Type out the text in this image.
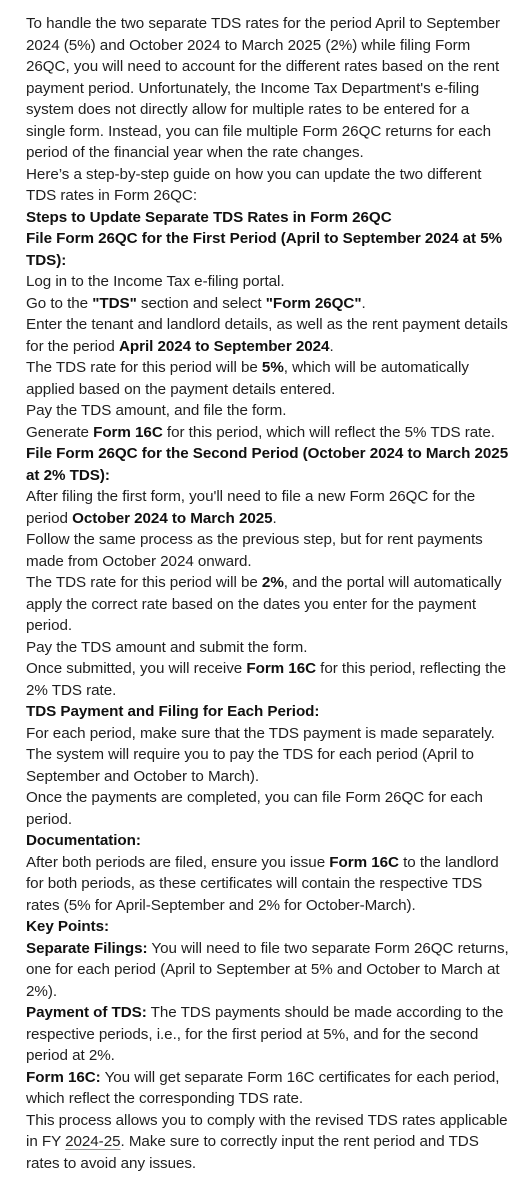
To handle the two separate TDS rates for the period April to September 2024 (5%) and October 2024 to March 2025 (2%) while filing Form 26QC, you will need to account for the different rates based on the rent payment period. Unfortunately, the Income Tax Department's e-filing system does not directly allow for multiple rates to be entered for a single form. Instead, you can file multiple Form 26QC returns for each period of the financial year when the rate changes.

Here’s a step-by-step guide on how you can update the two different TDS rates in Form 26QC:

Steps to Update Separate TDS Rates in Form 26QC

File Form 26QC for the First Period (April to September 2024 at 5% TDS):

Log in to the Income Tax e-filing portal.

Go to the "TDS" section and select "Form 26QC".

Enter the tenant and landlord details, as well as the rent payment details for the period April 2024 to September 2024.

The TDS rate for this period will be 5%, which will be automatically applied based on the payment details entered.

Pay the TDS amount, and file the form.

Generate Form 16C for this period, which will reflect the 5% TDS rate.

File Form 26QC for the Second Period (October 2024 to March 2025 at 2% TDS):

After filing the first form, you'll need to file a new Form 26QC for the period October 2024 to March 2025.

Follow the same process as the previous step, but for rent payments made from October 2024 onward.

The TDS rate for this period will be 2%, and the portal will automatically apply the correct rate based on the dates you enter for the payment period.

Pay the TDS amount and submit the form.

Once submitted, you will receive Form 16C for this period, reflecting the 2% TDS rate.

TDS Payment and Filing for Each Period:

For each period, make sure that the TDS payment is made separately. The system will require you to pay the TDS for each period (April to September and October to March).

Once the payments are completed, you can file Form 26QC for each period.

Documentation:

After both periods are filed, ensure you issue Form 16C to the landlord for both periods, as these certificates will contain the respective TDS rates (5% for April-September and 2% for October-March).

Key Points:

Separate Filings: You will need to file two separate Form 26QC returns, one for each period (April to September at 5% and October to March at 2%).

Payment of TDS: The TDS payments should be made according to the respective periods, i.e., for the first period at 5%, and for the second period at 2%.

Form 16C: You will get separate Form 16C certificates for each period, which reflect the corresponding TDS rate.

This process allows you to comply with the revised TDS rates applicable in FY 2024-25. Make sure to correctly input the rent period and TDS rates to avoid any issues.
